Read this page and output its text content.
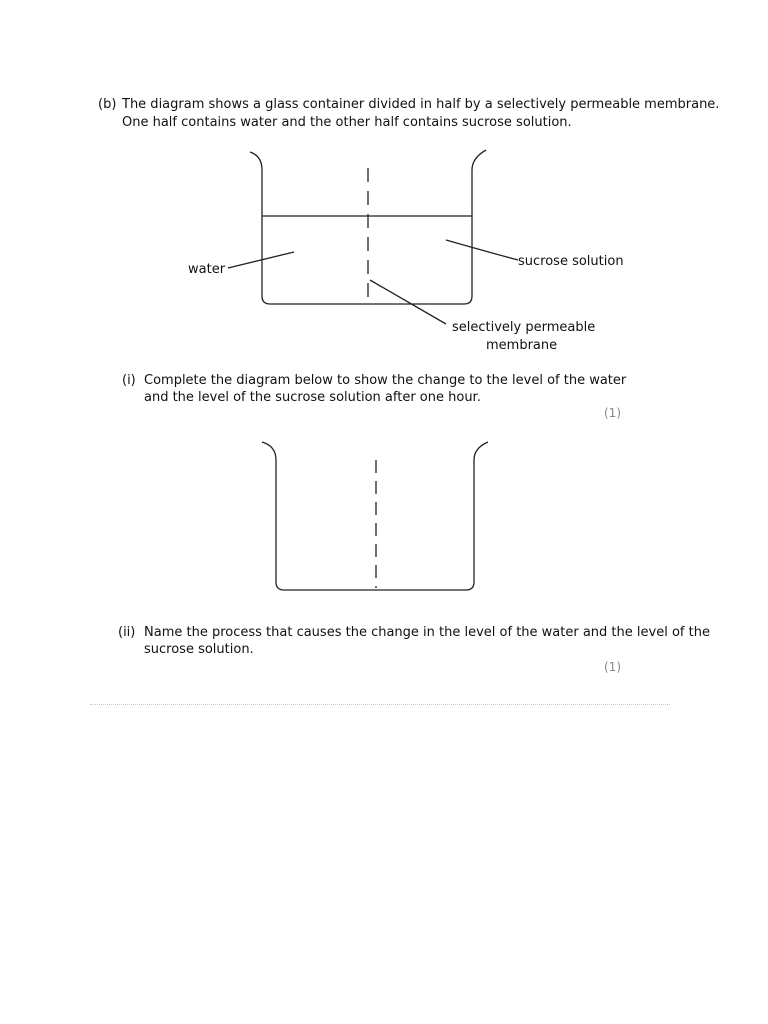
(b) The diagram shows a glass container divided in half by a selectively permeable membrane.
One half contains water and the other half contains sucrose solution.
water
sucrose solution
selectively permeable
membrane
(i) Complete the diagram below to show the change to the level of the water
and the level of the sucrose solution after one hour.
(1)
(ii) Name the process that causes the change in the level of the water and the level of the
sucrose solution.
(1)
